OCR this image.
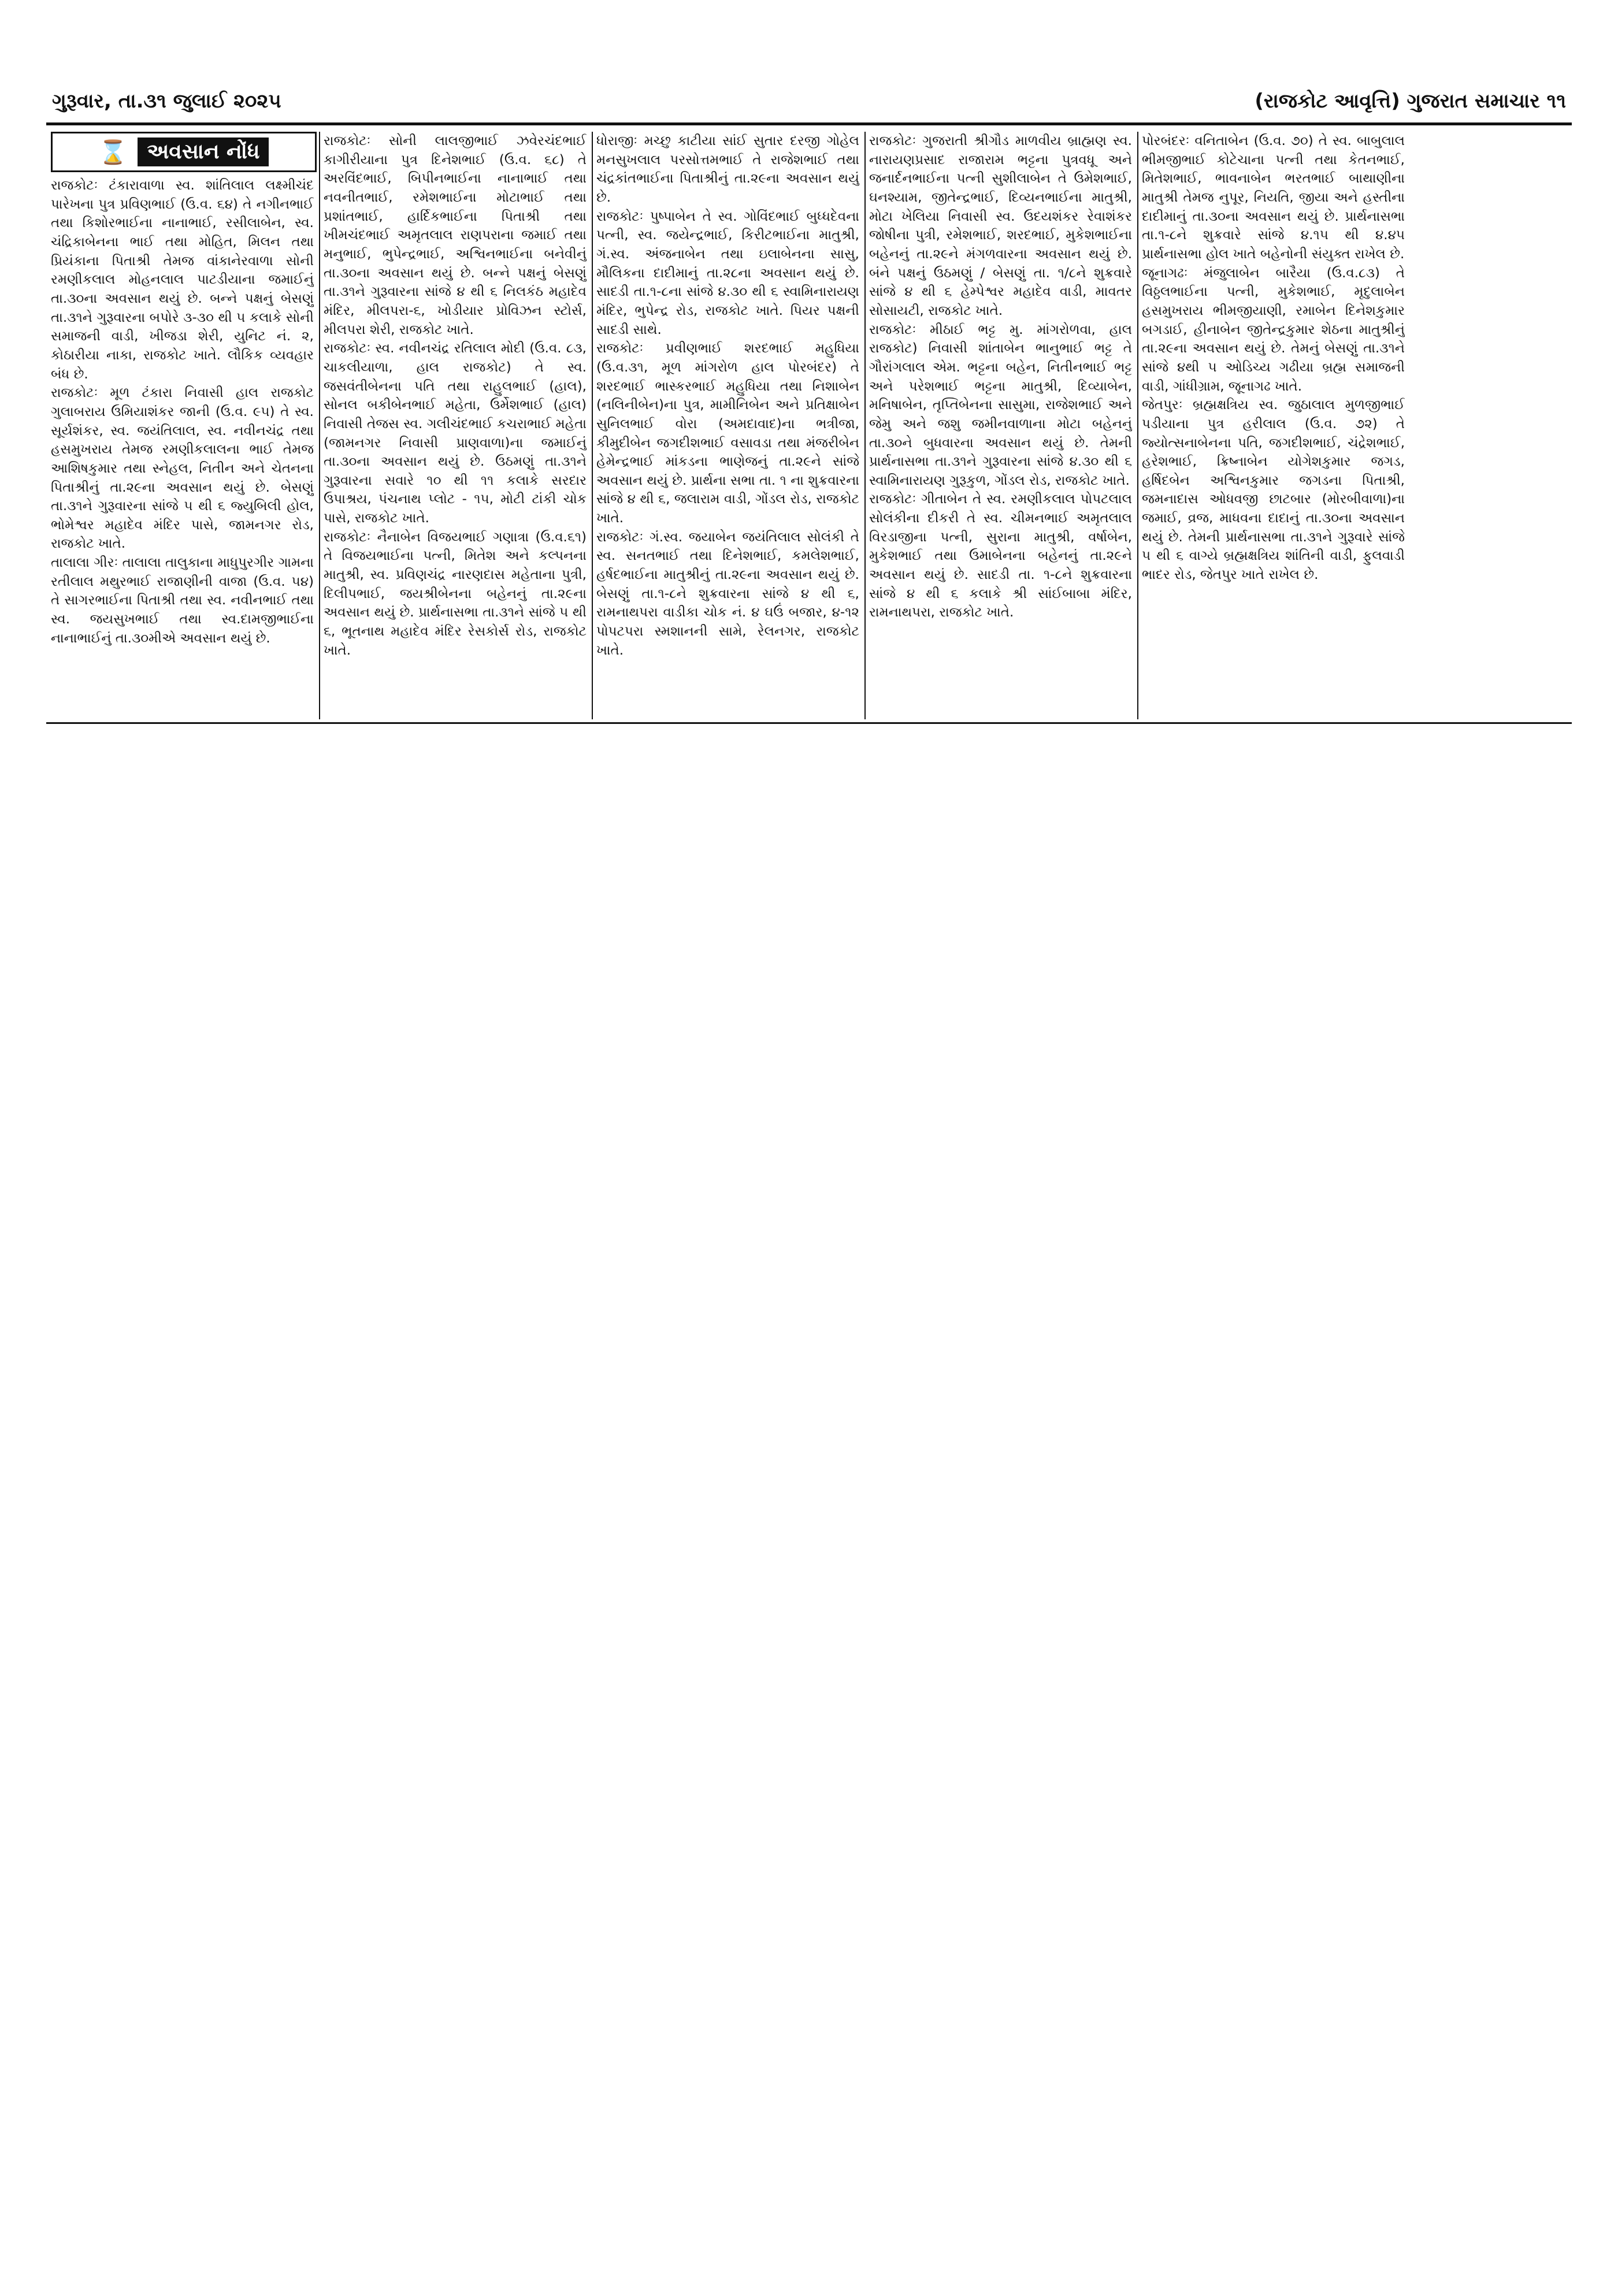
ગુરૂવાર, તા.૩૧ જુલાઈ ૨૦૨૫	(રાજકોટ આવૃત્તિ) ગુજરાત સમાચાર ૧૧
⌛ અવસાન નોંધ
રાજકોટઃ ટંકારાવાળા સ્વ. શાંતિલાલ લક્ષ્મીચંદ પારેખના પુત્ર પ્રવિણભાઈ (ઉ.વ. ૬૪) તે નગીનભાઈ તથા કિશોરભાઈના નાનાભાઈ, રસીલાબેન, સ્વ. ચંદ્રિકાબેનના ભાઈ તથા મોહિત, મિલન તથા પ્રિયંકાના પિતાશ્રી તેમજ વાંકાનેરવાળા સોની રમણીકલાલ મોહનલાલ પાટડીયાના જમાઈનું તા.૩૦ના અવસાન થયું છે. બન્ને પક્ષનું બેસણું તા.૩૧ને ગુરૂવારના બપોરે ૩-૩૦ થી ૫ કલાકે સોની સમાજની વાડી, ખીજડા શેરી, યુનિટ નં. ૨, કોઠારીયા નાકા, રાજકોટ ખાતે. લૌકિક વ્યવહાર બંધ છે.
રાજકોટઃ મૂળ ટંકારા નિવાસી હાલ રાજકોટ ગુલાબરાય ઉમિયાશંકર જાની (ઉ.વ. ૯૫) તે સ્વ. સૂર્યશંકર, સ્વ. જયંતિલાલ, સ્વ. નવીનચંદ્ર તથા હસમુખરાય તેમજ રમણીકલાલના ભાઈ તેમજ આશિષકુમાર તથા સ્નેહલ, નિતીન અને ચેતનના પિતાશ્રીનું તા.૨૯ના અવસાન થયું છે. બેસણું તા.૩૧ને ગુરૂવારના સાંજે ૫ થી ૬ જ્યુબિલી હોલ, ભોમેશ્વર મહાદેવ મંદિર પાસે, જામનગર રોડ, રાજકોટ ખાતે.
તાલાલા ગીરઃ તાલાલા તાલુકાના માધુપુરગીર ગામના રતીલાલ મથુરભાઈ રાજાણીની વાજા (ઉ.વ. ૫૪) તે સાગરભાઈના પિતાશ્રી તથા સ્વ. નવીનભાઈ તથા સ્વ. જયસુખભાઈ તથા સ્વ.દામજીભાઈના નાનાભાઈનું તા.૩૦મીએ અવસાન થયું છે.
રાજકોટઃ સોની લાલજીભાઈ ઝવેરચંદભાઈ કાગીરીયાના પુત્ર દિનેશભાઈ (ઉ.વ. ૬૮) તે અરવિંદભાઈ, બિપીનભાઈના નાનાભાઈ તથા નવનીતભાઈ, રમેશભાઈના મોટાભાઈ તથા પ્રશાંતભાઈ, હાર્દિકભાઈના પિતાશ્રી તથા ખીમચંદભાઈ અમૃતલાલ રાણપરાના જમાઈ તથા મનુભાઈ, ભુપેન્દ્રભાઈ, અશ્વિનભાઈના બનેવીનું તા.૩૦ના અવસાન થયું છે. બન્ને પક્ષનું બેસણું તા.૩૧ને ગુરૂવારના સાંજે ૪ થી ૬ નિલકંઠ મહાદેવ મંદિર, મીલપરા-૬, ખોડીયાર પ્રોવિઝન સ્ટોર્સ, મીલપરા શેરી, રાજકોટ ખાતે.
રાજકોટઃ સ્વ. નવીનચંદ્ર રતિલાલ મોદી (ઉ.વ. ૮૩, ચાકલીયાળા, હાલ રાજકોટ) તે સ્વ. જસવંતીબેનના પતિ તથા રાહુલભાઈ (હાલ), સોનલ બકીબેનભાઈ મહેતા, ઉર્મેશભાઈ (હાલ) નિવાસી તેજસ સ્વ. ગલીચંદભાઈ કચરાભાઈ મહેતા (જામનગર નિવાસી પ્રાણવાળા)ના જમાઈનું તા.૩૦ના અવસાન થયું છે. ઉઠમણું તા.૩૧ને ગુરૂવારના સવારે ૧૦ થી ૧૧ કલાકે સરદાર ઉપાશ્રય, પંચનાથ પ્લોટ - ૧૫, મોટી ટાંકી ચોક પાસે, રાજકોટ ખાતે.
રાજકોટઃ નૈનાબેન વિજયભાઈ ગણાત્રા (ઉ.વ.૬૧) તે વિજયભાઈના પત્ની, મિતેશ અને કલ્પનના માતુશ્રી, સ્વ. પ્રવિણચંદ્ર નારણદાસ મહેતાના પુત્રી, દિલીપભાઈ, જયશ્રીબેનના બહેનનું તા.૨૯ના અવસાન થયું છે. પ્રાર્થનાસભા તા.૩૧ને સાંજે ૫ થી ૬, ભૂતનાથ મહાદેવ મંદિર રેસકોર્સ રોડ, રાજકોટ ખાતે.
ધોરાજીઃ મચ્છુ કાટીયા સાંઈ સુતાર દરજી ગોહેલ મનસુખલાલ પરસોત્તમભાઈ તે રાજેશભાઈ તથા ચંદ્રકાંતભાઈના પિતાશ્રીનું તા.૨૯ના અવસાન થયું છે.
રાજકોટઃ પુષ્પાબેન તે સ્વ. ગોવિંદભાઈ બુધ્ધદેવના પત્ની, સ્વ. જયેન્દ્રભાઈ, કિરીટભાઈના માતુશ્રી, ગં.સ્વ. અંજનાબેન તથા ઇલાબેનના સાસુ, મૌલિકના દાદીમાનું તા.૨૮ના અવસાન થયું છે. સાદડી તા.૧-૮ના સાંજે ૪.૩૦ થી ૬ સ્વામિનારાયણ મંદિર, ભુપેન્દ્ર રોડ, રાજકોટ ખાતે. પિયર પક્ષની સાદડી સાથે.
રાજકોટઃ પ્રવીણભાઈ શરદભાઈ મહુધિયા (ઉ.વ.૩૧, મૂળ માંગરોળ હાલ પોરબંદર) તે શરદભાઈ ભાસ્કરભાઈ મહુધિયા તથા નિશાબેન (નલિનીબેન)ના પુત્ર, મામીનિબેન અને પ્રતિક્ષાબેન સુનિલભાઈ વોરા (અમદાવાદ)ના ભત્રીજા, કીમુદીબેન જગદીશભાઈ વસાવડા તથા મંજરીબેન હેમેન્દ્રભાઈ માંકડના ભાણેજનું તા.૨૯ને સાંજે અવસાન થયું છે. પ્રાર્થના સભા તા. ૧ ના શુક્રવારના સાંજે ૪ થી ૬, જલારામ વાડી, ગોંડલ રોડ, રાજકોટ ખાતે.
રાજકોટઃ ગં.સ્વ. જયાબેન જયંતિલાલ સોલંકી તે સ્વ. સનતભાઈ તથા દિનેશભાઈ, કમલેશભાઈ, હર્ષદભાઈના માતુશ્રીનું તા.૨૯ના અવસાન થયું છે. બેસણું તા.૧-૮ને શુક્રવારના સાંજે ૪ થી ૬, રામનાથપરા વાડીકા ચોક નં. ૪ ઘઉં બજાર, ૪-૧૨ પોપટપરા સ્મશાનની સામે, રેલનગર, રાજકોટ ખાતે.
રાજકોટઃ ગુજરાતી શ્રીગૌડ માળવીય બ્રાહ્મણ સ્વ. નારાયણપ્રસાદ રાજારામ ભટ્ટના પુત્રવધૂ અને જનાર્દનભાઈના પત્ની સુશીલાબેન તે ઉમેશભાઈ, ઘનશ્યામ, જીતેન્દ્રભાઈ, દિવ્યનભાઈના માતુશ્રી, મોટા ખેલિયા નિવાસી સ્વ. ઉદયશંકર રેવાશંકર જોષીના પુત્રી, રમેશભાઈ, શરદભાઈ, મુકેશભાઈના બહેનનું તા.૨૯ને મંગળવારના અવસાન થયું છે. બંને પક્ષનું ઉઠમણું / બેસણું તા. ૧/૮ને શુક્રવારે સાંજે ૪ થી ૬ હેમ્પેશ્વર મહાદેવ વાડી, માવતર સોસાયટી, રાજકોટ ખાતે.
રાજકોટઃ મીઠાઈ ભટ્ટ મુ. માંગરોળવા, હાલ રાજકોટ) નિવાસી શાંતાબેન ભાનુભાઈ ભટ્ટ તે ગૌરાંગલાલ એમ. ભટ્ટના બહેન, નિતીનભાઈ ભટ્ટ અને પરેશભાઈ ભટ્ટના માતુશ્રી, દિવ્યાબેન, મનિષાબેન, તૃપ્તિબેનના સાસુમા, રાજેશભાઈ અને જેમુ અને જશુ જમીનવાળાના મોટા બહેનનું તા.૩૦ને બુધવારના અવસાન થયું છે. તેમની પ્રાર્થનાસભા તા.૩૧ને ગુરૂવારના સાંજે ૪.૩૦ થી ૬ સ્વામિનારાયણ ગુરૂકુળ, ગોંડલ રોડ, રાજકોટ ખાતે.
રાજકોટઃ ગીતાબેન તે સ્વ. રમણીકલાલ પોપટલાલ સોલંકીના દીકરી તે સ્વ. ચીમનભાઈ અમૃતલાલ વિરડાજીના પત્ની, સુરાના માતુશ્રી, વર્ષાબેન, મુકેશભાઈ તથા ઉમાબેનના બહેનનું તા.૨૯ને અવસાન થયું છે. સાદડી તા. ૧-૮ને શુક્રવારના સાંજે ૪ થી ૬ કલાકે શ્રી સાંઈબાબા મંદિર, રામનાથપરા, રાજકોટ ખાતે.
પોરબંદરઃ વનિતાબેન (ઉ.વ. ૭૦) તે સ્વ. બાબુલાલ ભીમજીભાઈ કોટેચાના પત્ની તથા કેતનભાઈ, મિતેશભાઈ, ભાવનાબેન ભરતભાઈ બાથાણીના માતુશ્રી તેમજ નુપૂર, નિયતિ, જીયા અને હસ્તીના દાદીમાનું તા.૩૦ના અવસાન થયું છે. પ્રાર્થનાસભા તા.૧-૮ને શુક્રવારે સાંજે ૪.૧૫ થી ૪.૪૫ પ્રાર્થનાસભા હોલ ખાતે બહેનોની સંયુક્ત રાખેલ છે.
જૂનાગઢઃ મંજુલાબેન બારૈયા (ઉ.વ.૮૩) તે વિઠ્ઠલભાઈના પત્ની, મુકેશભાઈ, મૃદુલાબેન હસમુખરાય ભીમજીયાણી, રમાબેન દિનેશકુમાર બગડાઈ, હીનાબેન જીતેન્દ્રકુમાર શેઠના માતુશ્રીનું તા.૨૯ના અવસાન થયું છે. તેમનું બેસણું તા.૩૧ને સાંજે ૪થી ૫ ઓડિચ્ય ગઢીયા બ્રહ્મ સમાજની વાડી, ગાંધીગ્રામ, જૂનાગઢ ખાતે.
જેતપુરઃ બ્રહ્મક્ષત્રિય સ્વ. જુઠાલાલ મુળજીભાઈ પડીયાના પુત્ર હરીલાલ (ઉ.વ. ૭૨) તે જ્યોત્સનાબેનના પતિ, જગદીશભાઈ, ચંદ્રેશભાઈ, હરેશભાઈ, ક્રિષ્નાબેન યોગેશકુમાર જગડ, હર્ષિદબેન અશ્વિનકુમાર જગડના પિતાશ્રી, જમનાદાસ ઓધવજી છાટબાર (મોરબીવાળા)ના જમાઈ, વ્રજ, માધવના દાદાનું તા.૩૦ના અવસાન થયું છે. તેમની પ્રાર્થનાસભા તા.૩૧ને ગુરૂવારે સાંજે ૫ થી ૬ વાગ્યે બ્રહ્મક્ષત્રિય શાંતિની વાડી, ફુલવાડી ભાદર રોડ, જેતપુર ખાતે રાખેલ છે.
